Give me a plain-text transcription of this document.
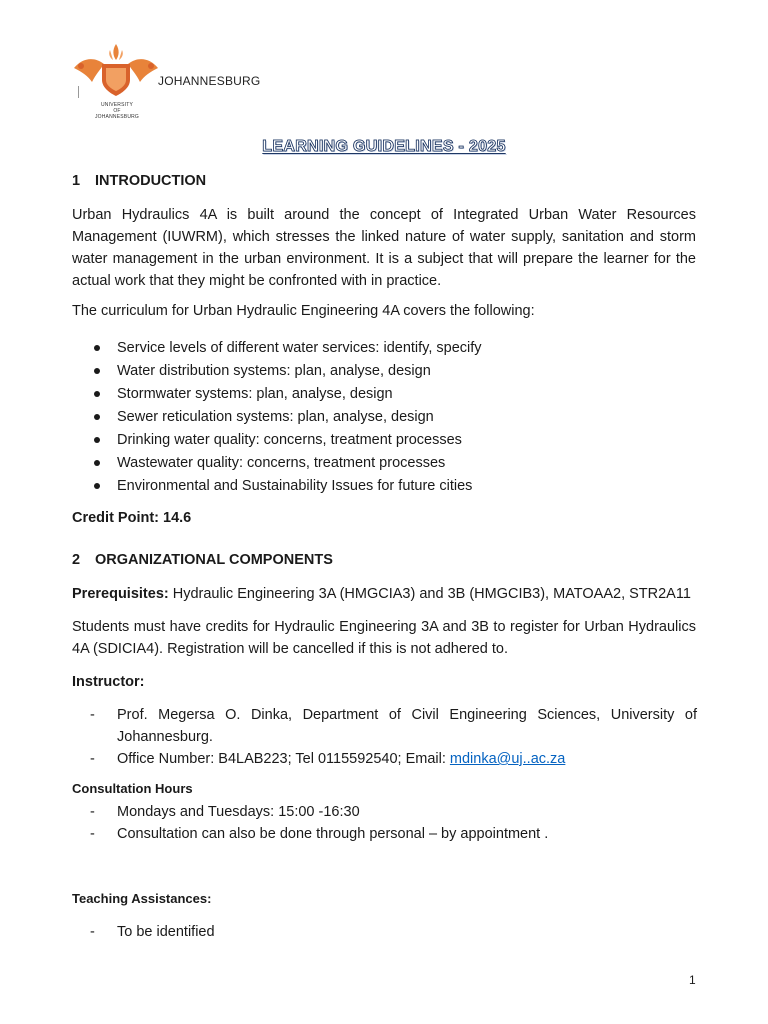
UNIVERSITY
OF
JOHANNESBURG
JOHANNESBURG
LEARNING GUIDELINES - 2025
1 INTRODUCTION
Urban Hydraulics 4A is built around the concept of Integrated Urban Water Resources Management (IUWRM), which stresses the linked nature of water supply, sanitation and storm water management in the urban environment. It is a subject that will prepare the learner for the actual work that they might be confronted with in practice.
The curriculum for Urban Hydraulic Engineering 4A covers the following:
Service levels of different water services: identify, specify
Water distribution systems: plan, analyse, design
Stormwater systems: plan, analyse, design
Sewer reticulation systems: plan, analyse, design
Drinking water quality: concerns, treatment processes
Wastewater quality: concerns, treatment processes
Environmental and Sustainability Issues for future cities
Credit Point: 14.6
2 ORGANIZATIONAL COMPONENTS
Prerequisites: Hydraulic Engineering 3A (HMGCIA3) and 3B (HMGCIB3), MATOAA2, STR2A11
Students must have credits for Hydraulic Engineering 3A and 3B to register for Urban Hydraulics 4A (SDICIA4). Registration will be cancelled if this is not adhered to.
Instructor:
- Prof. Megersa O. Dinka, Department of Civil Engineering Sciences, University of Johannesburg.
- Office Number: B4LAB223; Tel 0115592540; Email: mdinka@uj..ac.za
Consultation Hours
- Mondays and Tuesdays: 15:00 -16:30
- Consultation can also be done through personal – by appointment .
Teaching Assistances:
- To be identified
1
